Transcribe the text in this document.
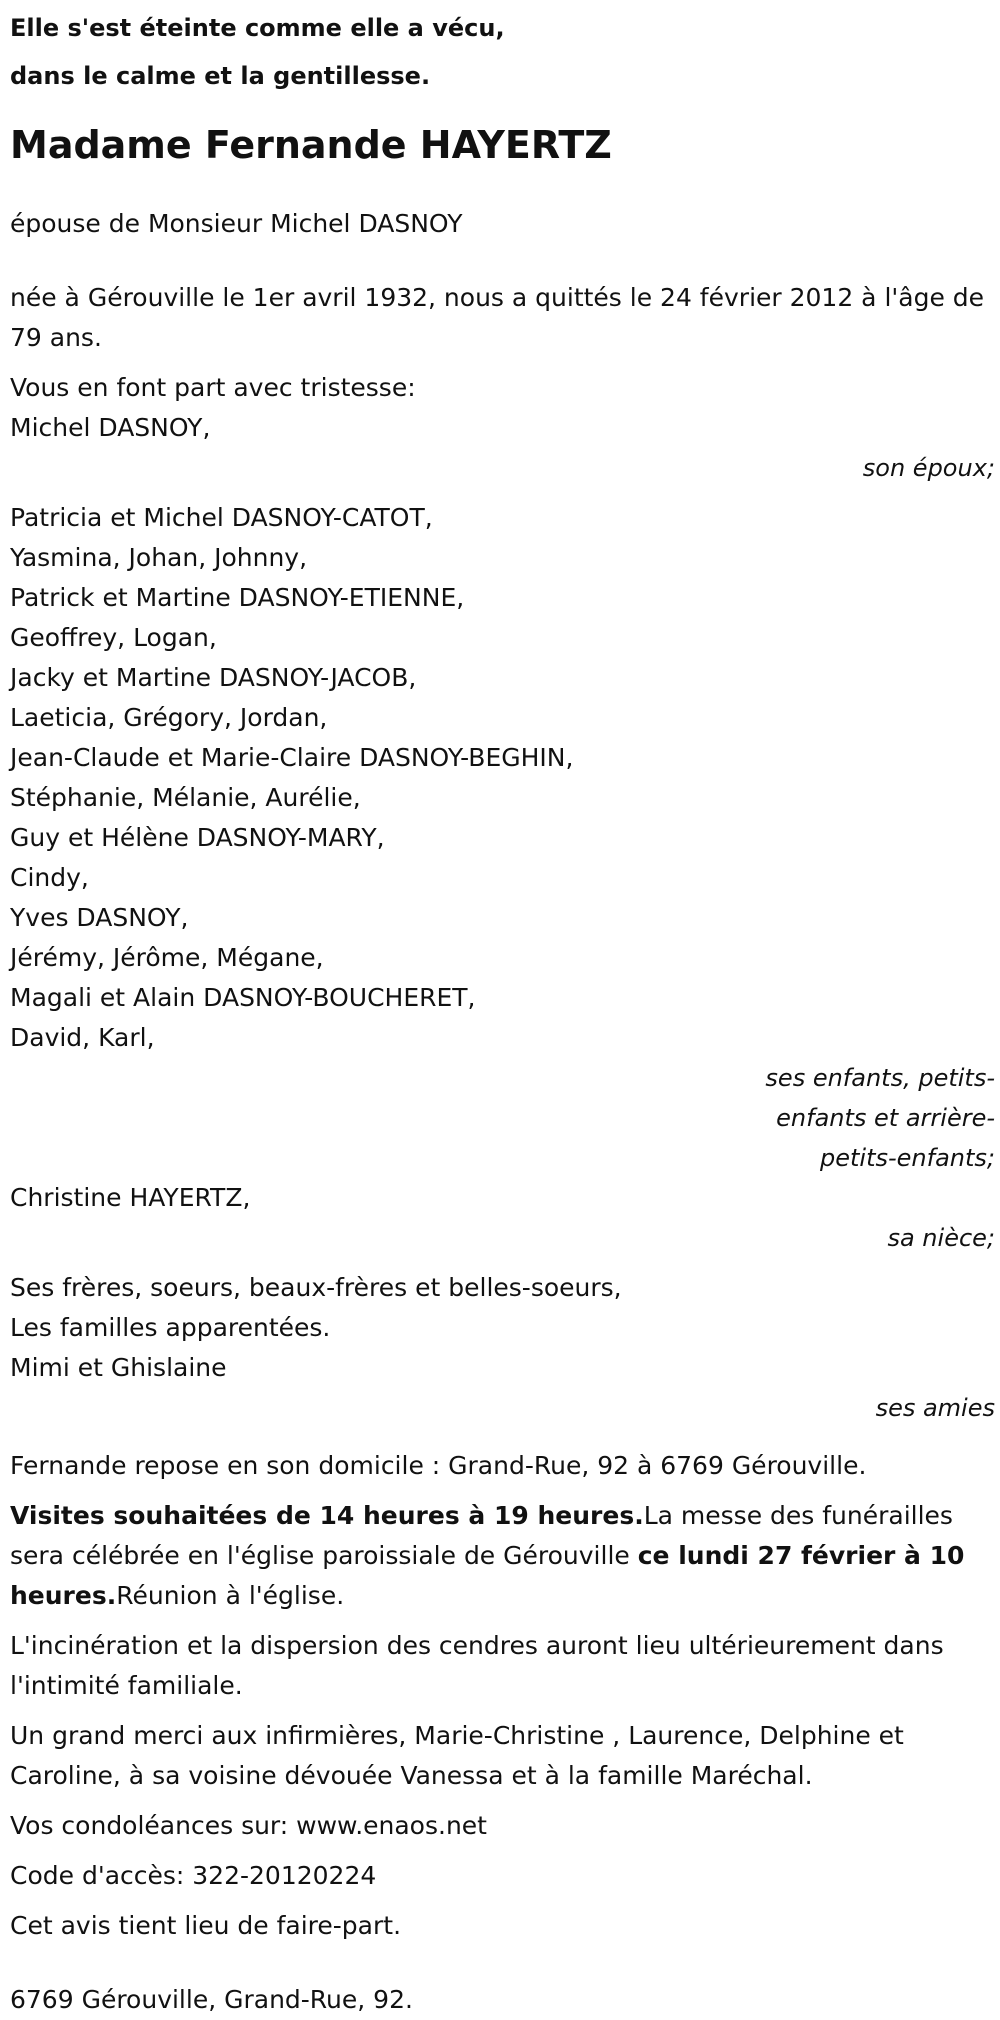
Elle s'est éteinte comme elle a vécu,
dans le calme et la gentillesse.
Madame Fernande HAYERTZ
épouse de Monsieur Michel DASNOY
née à Gérouville le 1er avril 1932, nous a quittés le 24 février 2012 à l'âge de 79 ans.
Vous en font part avec tristesse:
Michel DASNOY,
son époux;
Patricia et Michel DASNOY-CATOT,
Yasmina, Johan, Johnny,
Patrick et Martine DASNOY-ETIENNE,
Geoffrey, Logan,
Jacky et Martine DASNOY-JACOB,
Laeticia, Grégory, Jordan,
Jean-Claude et Marie-Claire DASNOY-BEGHIN,
Stéphanie, Mélanie, Aurélie,
Guy et Hélène DASNOY-MARY,
Cindy,
Yves DASNOY,
Jérémy, Jérôme, Mégane,
Magali et Alain DASNOY-BOUCHERET,
David, Karl,
ses enfants, petits-
enfants et arrière-
petits-enfants;
Christine HAYERTZ,
sa nièce;
Ses frères, soeurs, beaux-frères et belles-soeurs,
Les familles apparentées.
Mimi et Ghislaine
ses amies
Fernande repose en son domicile : Grand-Rue, 92 à 6769 Gérouville.
Visites souhaitées de 14 heures à 19 heures.La messe des funérailles sera célébrée en l'église paroissiale de Gérouville ce lundi 27 février à 10 heures.Réunion à l'église.
L'incinération et la dispersion des cendres auront lieu ultérieurement dans l'intimité familiale.
Un grand merci aux infirmières, Marie-Christine , Laurence, Delphine et Caroline, à sa voisine dévouée Vanessa et à la famille Maréchal.
Vos condoléances sur: www.enaos.net
Code d'accès: 322-20120224
Cet avis tient lieu de faire-part.
6769 Gérouville, Grand-Rue, 92.
